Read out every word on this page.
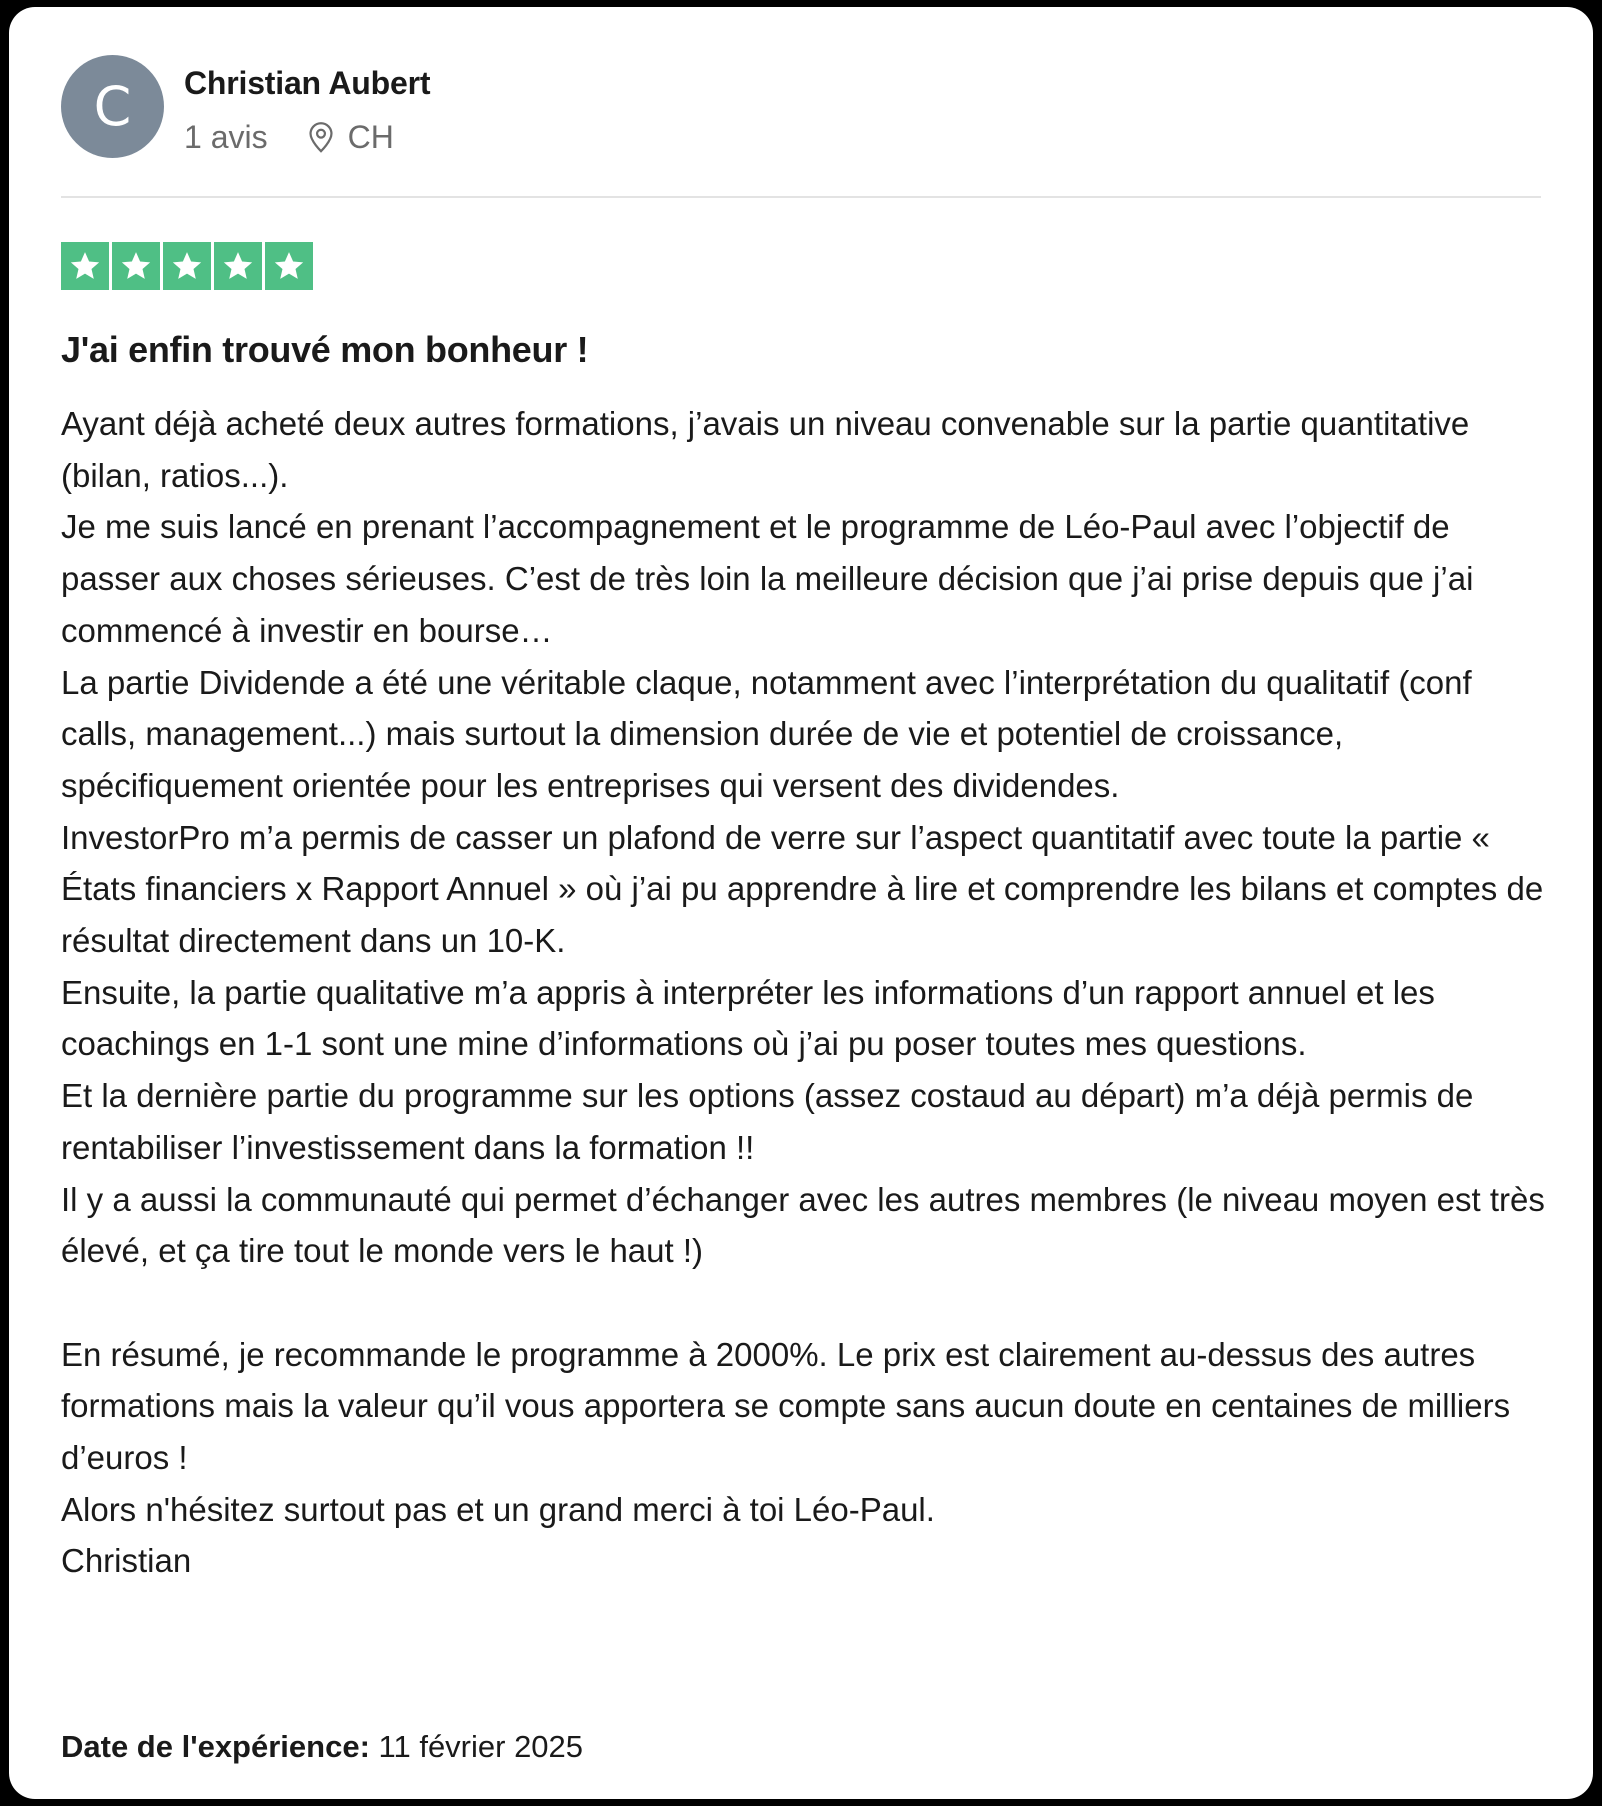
C	Christian Aubert
1 avis	CH
J'ai enfin trouvé mon bonheur !

Ayant déjà acheté deux autres formations, j’avais un niveau convenable sur la partie quantitative (bilan, ratios...).
Je me suis lancé en prenant l’accompagnement et le programme de Léo-Paul avec l’objectif de passer aux choses sérieuses. C’est de très loin la meilleure décision que j’ai prise depuis que j’ai commencé à investir en bourse…
La partie Dividende a été une véritable claque, notamment avec l’interprétation du qualitatif (conf calls, management...) mais surtout la dimension durée de vie et potentiel de croissance, spécifiquement orientée pour les entreprises qui versent des dividendes.
InvestorPro m’a permis de casser un plafond de verre sur l’aspect quantitatif avec toute la partie « États financiers x Rapport Annuel » où j’ai pu apprendre à lire et comprendre les bilans et comptes de résultat directement dans un 10-K.
Ensuite, la partie qualitative m’a appris à interpréter les informations d’un rapport annuel et les coachings en 1-1 sont une mine d’informations où j’ai pu poser toutes mes questions.
Et la dernière partie du programme sur les options (assez costaud au départ) m’a déjà permis de rentabiliser l’investissement dans la formation !!
Il y a aussi la communauté qui permet d’échanger avec les autres membres (le niveau moyen est très élevé, et ça tire tout le monde vers le haut !)

En résumé, je recommande le programme à 2000%. Le prix est clairement au-dessus des autres formations mais la valeur qu’il vous apportera se compte sans aucun doute en centaines de milliers d’euros !
Alors n'hésitez surtout pas et un grand merci à toi Léo-Paul.
Christian

Date de l'expérience: 11 février 2025
